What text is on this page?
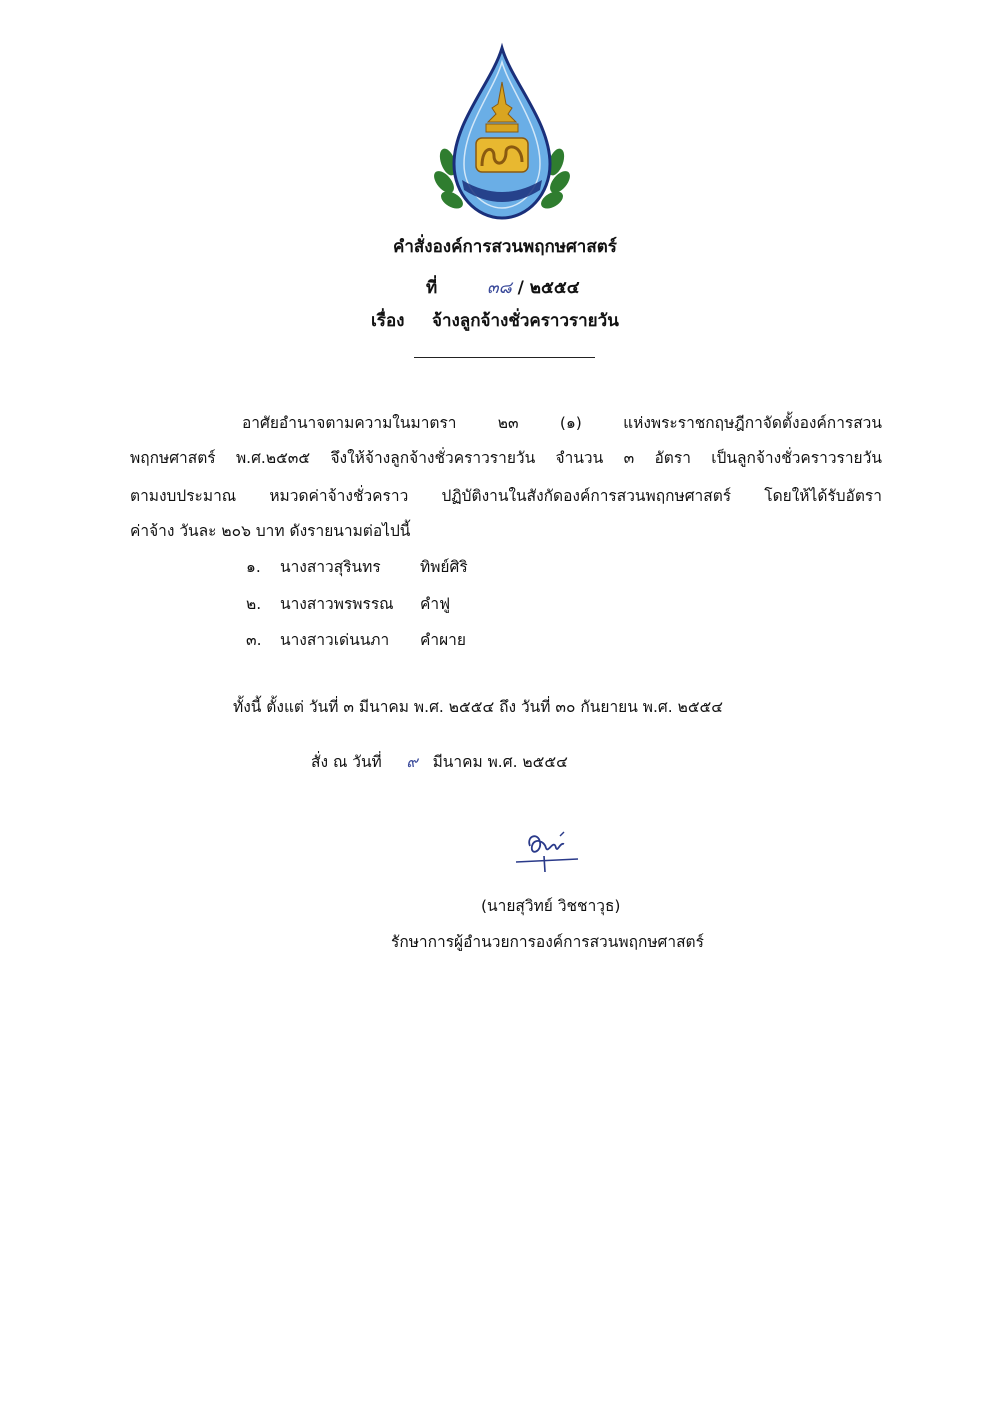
คำสั่งองค์การสวนพฤกษศาสตร์
ที่	๓๘ / ๒๕๕๔
เรื่อง จ้างลูกจ้างชั่วคราวรายวัน
อาศัยอำนาจตามความในมาตรา	๒๓	(๑)	แห่งพระราชกฤษฎีกาจัดตั้งองค์การสวน
พฤกษศาสตร์ พ.ศ.๒๕๓๕ จึงให้จ้างลูกจ้างชั่วคราวรายวัน จำนวน ๓ อัตรา เป็นลูกจ้างชั่วคราวรายวัน
ตามงบประมาณ หมวดค่าจ้างชั่วคราว ปฏิบัติงานในสังกัดองค์การสวนพฤกษศาสตร์ โดยให้ได้รับอัตรา
ค่าจ้าง วันละ ๒๐๖ บาท ดังรายนามต่อไปนี้
๑. นางสาวสุรินทร	ทิพย์ศิริ
๒. นางสาวพรพรรณ คำฟู
๓. นางสาวเด่นนภา คำผาย
ทั้งนี้ ตั้งแต่ วันที่ ๓ มีนาคม พ.ศ. ๒๕๕๔ ถึง วันที่ ๓๐ กันยายน พ.ศ. ๒๕๕๔
สั่ง ณ วันที่ ๙ มีนาคม พ.ศ. ๒๕๕๔
(นายสุวิทย์ วิชชาวุธ)
รักษาการผู้อำนวยการองค์การสวนพฤกษศาสตร์
